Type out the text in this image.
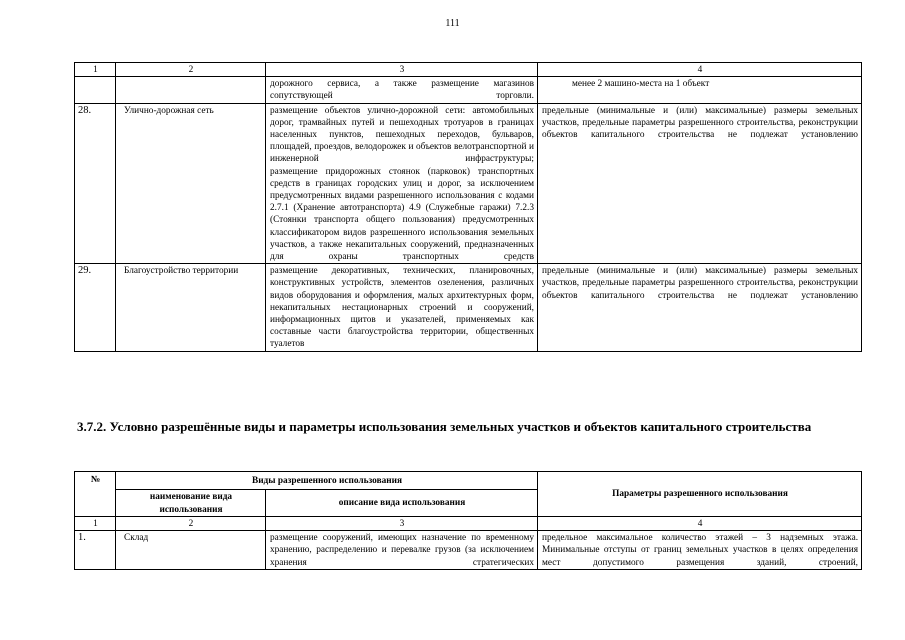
111
1	2	3	4
		дорожного сервиса, а также размещение магазинов сопутствующей торговли.	менее 2 машино-места на 1 объект
28.	Улично-дорожная сеть	размещение объектов улично-дорожной сети: автомобильных дорог, трамвайных путей и пешеходных тротуаров в границах населенных пунктов, пешеходных переходов, бульваров, площадей, проездов, велодорожек и объектов велотранспортной и инженерной инфраструктуры;
размещение придорожных стоянок (парковок) транспортных средств в границах городских улиц и дорог, за исключением предусмотренных видами разрешенного использования с кодами 2.7.1 (Хранение автотранспорта) 4.9 (Служебные гаражи) 7.2.3 (Стоянки транспорта общего пользования) предусмотренных классификатором видов разрешенного использования земельных участков, а также некапитальных сооружений, предназначенных для охраны транспортных средств	предельные (минимальные и (или) максимальные) размеры земельных участков, предельные параметры разрешенного строительства, реконструкции объектов капитального строительства не подлежат установлению
29.	Благоустройство территории	размещение декоративных, технических, планировочных, конструктивных устройств, элементов озеленения, различных видов оборудования и оформления, малых архитектурных форм, некапитальных нестационарных строений и сооружений, информационных щитов и указателей, применяемых как составные части благоустройства территории, общественных туалетов	предельные (минимальные и (или) максимальные) размеры земельных участков, предельные параметры разрешенного строительства, реконструкции объектов капитального строительства не подлежат установлению
3.7.2. Условно разрешённые виды и параметры использования земельных участков и объектов капитального строительства
№	Виды разрешенного использования		Параметры разрешенного использования
	наименование вида использования	описание вида использования	
1	2	3	4
1.	Склад	размещение сооружений, имеющих назначение по временному хранению, распределению и перевалке грузов (за исключением хранения стратегических	предельное максимальное количество этажей – 3 надземных этажа. Минимальные отступы от границ земельных участков в целях определения мест допустимого размещения зданий, строений,
